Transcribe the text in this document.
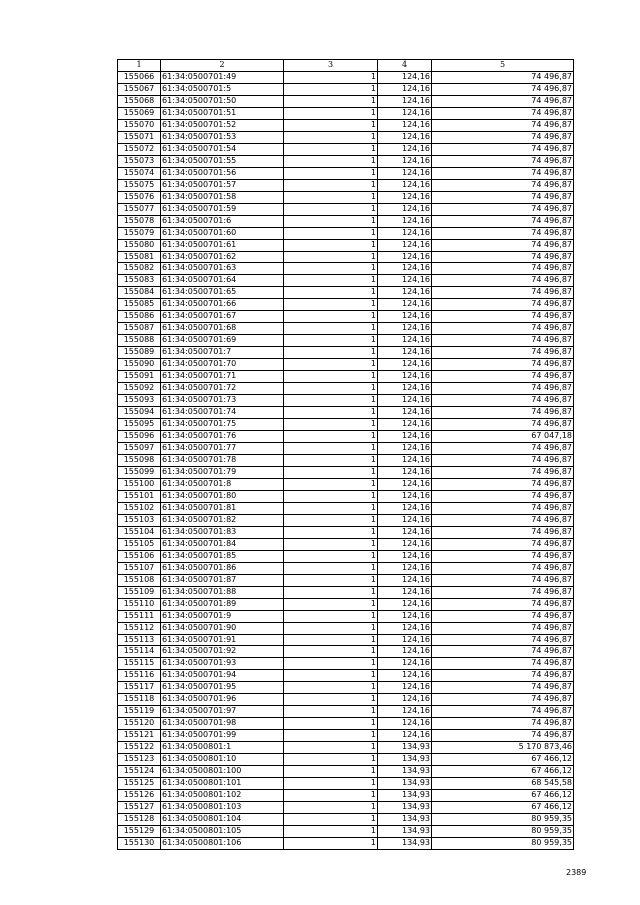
1	2	3	4	5
155066	61:34:0500701:49	1	124,16	74 496,87
155067	61:34:0500701:5	1	124,16	74 496,87
155068	61:34:0500701:50	1	124,16	74 496,87
155069	61:34:0500701:51	1	124,16	74 496,87
155070	61:34:0500701:52	1	124,16	74 496,87
155071	61:34:0500701:53	1	124,16	74 496,87
155072	61:34:0500701:54	1	124,16	74 496,87
155073	61:34:0500701:55	1	124,16	74 496,87
155074	61:34:0500701:56	1	124,16	74 496,87
155075	61:34:0500701:57	1	124,16	74 496,87
155076	61:34:0500701:58	1	124,16	74 496,87
155077	61:34:0500701:59	1	124,16	74 496,87
155078	61:34:0500701:6	1	124,16	74 496,87
155079	61:34:0500701:60	1	124,16	74 496,87
155080	61:34:0500701:61	1	124,16	74 496,87
155081	61:34:0500701:62	1	124,16	74 496,87
155082	61:34:0500701:63	1	124,16	74 496,87
155083	61:34:0500701:64	1	124,16	74 496,87
155084	61:34:0500701:65	1	124,16	74 496,87
155085	61:34:0500701:66	1	124,16	74 496,87
155086	61:34:0500701:67	1	124,16	74 496,87
155087	61:34:0500701:68	1	124,16	74 496,87
155088	61:34:0500701:69	1	124,16	74 496,87
155089	61:34:0500701:7	1	124,16	74 496,87
155090	61:34:0500701:70	1	124,16	74 496,87
155091	61:34:0500701:71	1	124,16	74 496,87
155092	61:34:0500701:72	1	124,16	74 496,87
155093	61:34:0500701:73	1	124,16	74 496,87
155094	61:34:0500701:74	1	124,16	74 496,87
155095	61:34:0500701:75	1	124,16	74 496,87
155096	61:34:0500701:76	1	124,16	67 047,18
155097	61:34:0500701:77	1	124,16	74 496,87
155098	61:34:0500701:78	1	124,16	74 496,87
155099	61:34:0500701:79	1	124,16	74 496,87
155100	61:34:0500701:8	1	124,16	74 496,87
155101	61:34:0500701:80	1	124,16	74 496,87
155102	61:34:0500701:81	1	124,16	74 496,87
155103	61:34:0500701:82	1	124,16	74 496,87
155104	61:34:0500701:83	1	124,16	74 496,87
155105	61:34:0500701:84	1	124,16	74 496,87
155106	61:34:0500701:85	1	124,16	74 496,87
155107	61:34:0500701:86	1	124,16	74 496,87
155108	61:34:0500701:87	1	124,16	74 496,87
155109	61:34:0500701:88	1	124,16	74 496,87
155110	61:34:0500701:89	1	124,16	74 496,87
155111	61:34:0500701:9	1	124,16	74 496,87
155112	61:34:0500701:90	1	124,16	74 496,87
155113	61:34:0500701:91	1	124,16	74 496,87
155114	61:34:0500701:92	1	124,16	74 496,87
155115	61:34:0500701:93	1	124,16	74 496,87
155116	61:34:0500701:94	1	124,16	74 496,87
155117	61:34:0500701:95	1	124,16	74 496,87
155118	61:34:0500701:96	1	124,16	74 496,87
155119	61:34:0500701:97	1	124,16	74 496,87
155120	61:34:0500701:98	1	124,16	74 496,87
155121	61:34:0500701:99	1	124,16	74 496,87
155122	61:34:0500801:1	1	134,93	5 170 873,46
155123	61:34:0500801:10	1	134,93	67 466,12
155124	61:34:0500801:100	1	134,93	67 466,12
155125	61:34:0500801:101	1	134,93	68 545,58
155126	61:34:0500801:102	1	134,93	67 466,12
155127	61:34:0500801:103	1	134,93	67 466,12
155128	61:34:0500801:104	1	134,93	80 959,35
155129	61:34:0500801:105	1	134,93	80 959,35
155130	61:34:0500801:106	1	134,93	80 959,35
2389
